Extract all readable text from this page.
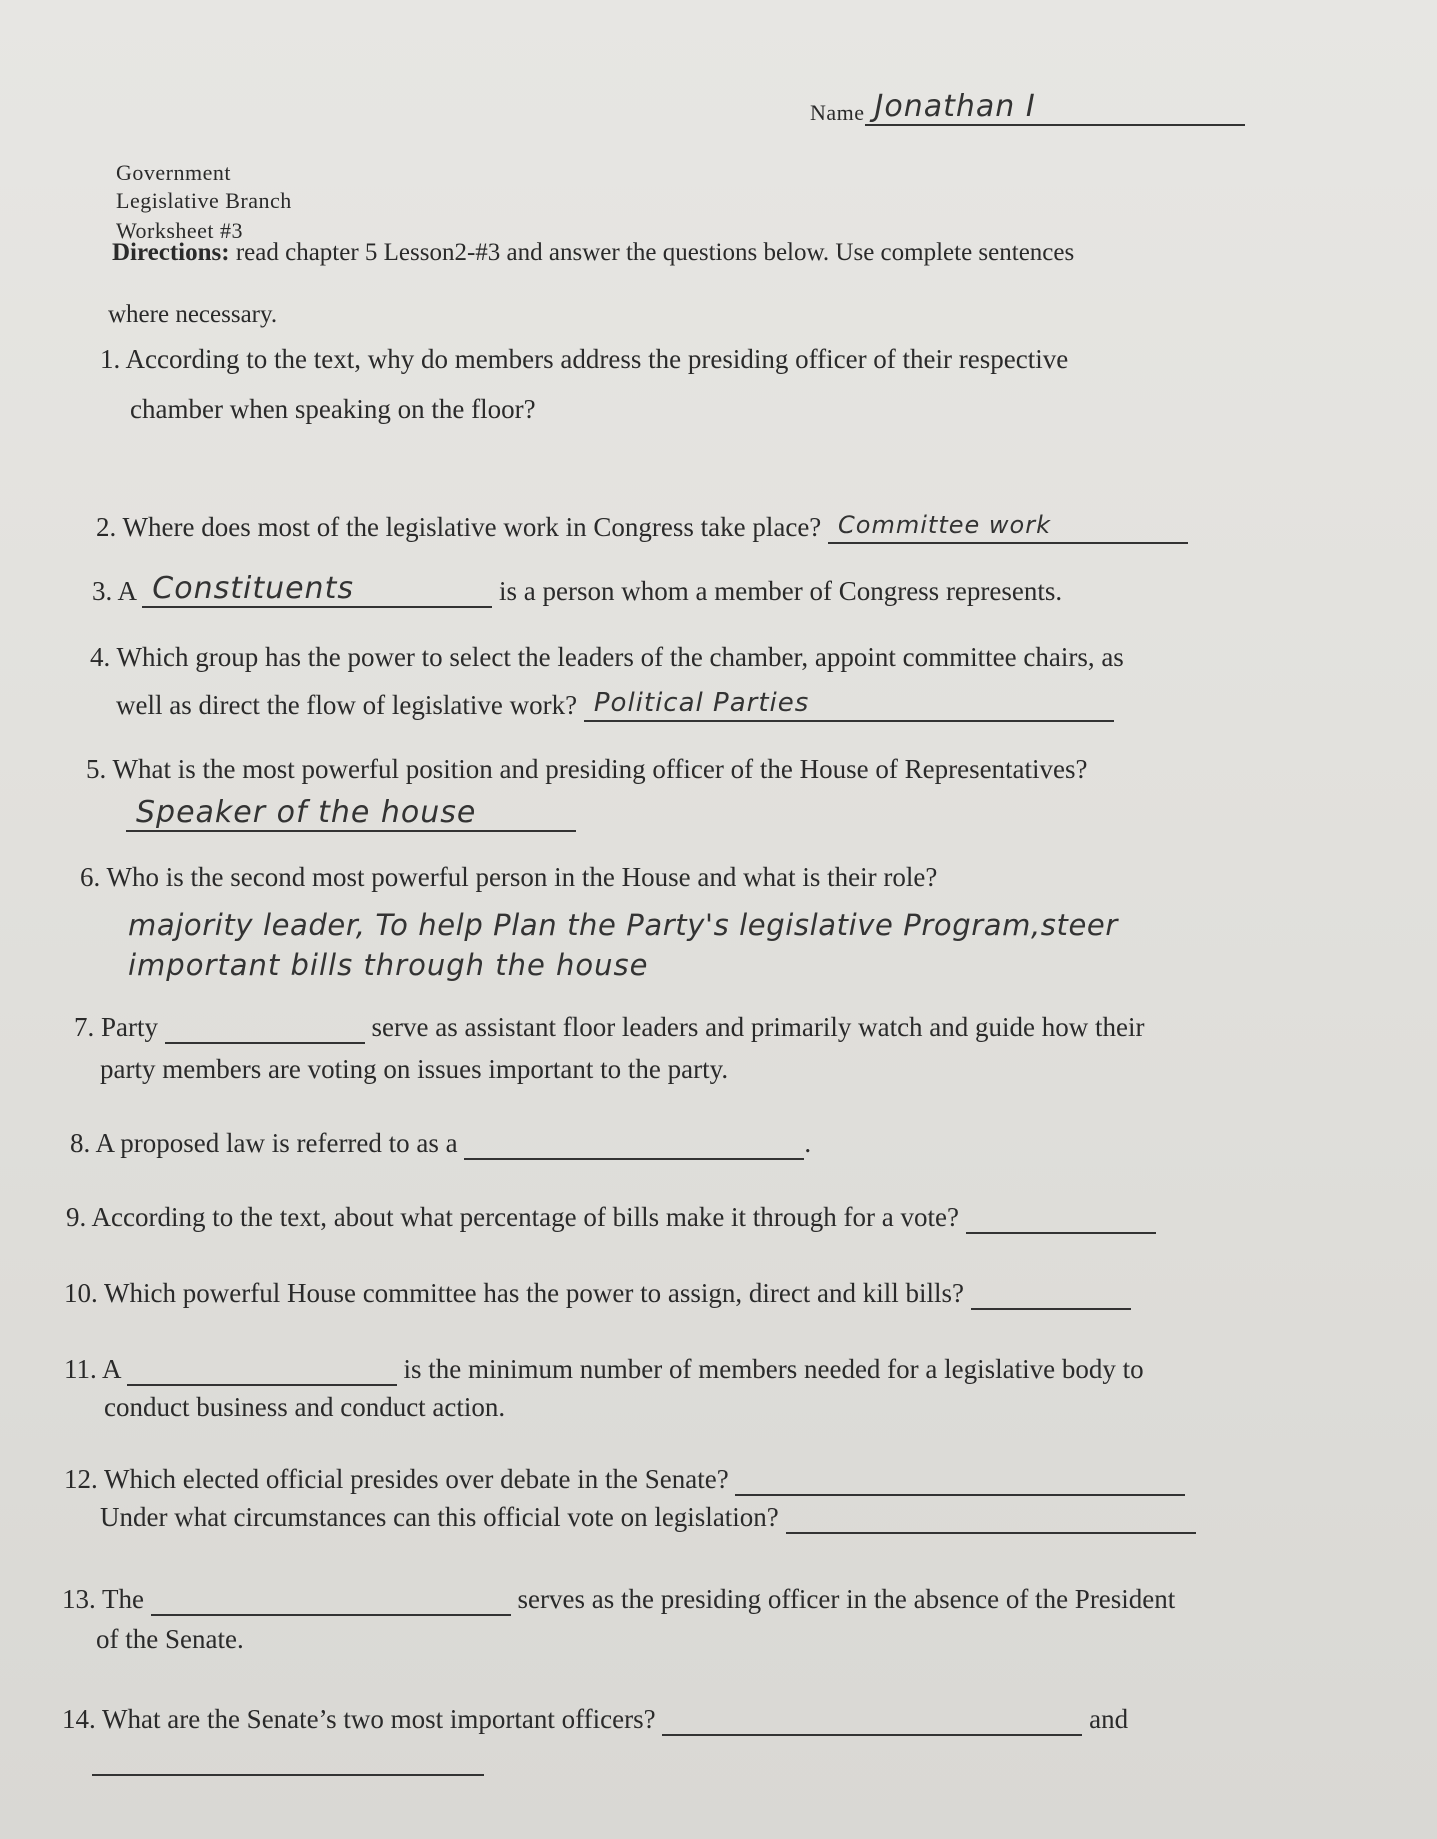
Name Jonathan I
Government
Legislative Branch
Worksheet #3
Directions: read chapter 5 Lesson2-#3 and answer the questions below. Use complete sentences
where necessary.
1. According to the text, why do members address the presiding officer of their respective
chamber when speaking on the floor?
2. Where does most of the legislative work in Congress take place? Committee work
3. A Constituents	is a person whom a member of Congress represents.
4. Which group has the power to select the leaders of the chamber, appoint committee chairs, as
well as direct the flow of legislative work? Political Parties
5. What is the most powerful position and presiding officer of the House of Representatives?
Speaker of the house
6. Who is the second most powerful person in the House and what is their role?
majority leader, To help Plan the Party's legislative Program,steer
important bills through the house
7. Party	serve as assistant floor leaders and primarily watch and guide how their
party members are voting on issues important to the party.
8. A proposed law is referred to as a	.
9. According to the text, about what percentage of bills make it through for a vote?
10. Which powerful House committee has the power to assign, direct and kill bills?
11. A	is the minimum number of members needed for a legislative body to
conduct business and conduct action.
12. Which elected official presides over debate in the Senate?
Under what circumstances can this official vote on legislation?
13. The	serves as the presiding officer in the absence of the President
of the Senate.
14. What are the Senate’s two most important officers?	and
